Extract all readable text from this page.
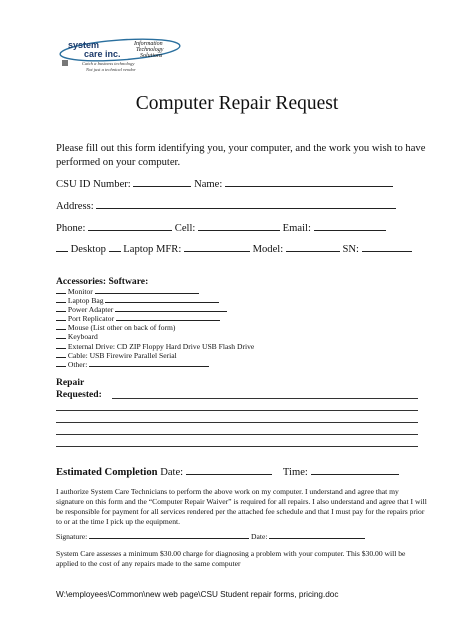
system
care inc.
Information
Technology
Solutions
Catch a business technology
Not just a technical vendor
Computer Repair Request
Please fill out this form identifying you, your computer, and the work you wish to have performed on your computer.
CSU ID Number:	Name:
Address:
Phone:	Cell:	Email:
Desktop Laptop MFR:	Model:	SN:
Accessories: Software:
Monitor
Laptop Bag
Power Adapter
Port Replicator
Mouse (List other on back of form)
Keyboard
External Drive: CD ZIP Floppy Hard Drive USB Flash Drive
Cable: USB Firewire Parallel Serial
Other:
Repair
Requested:
Estimated Completion Date:	Time:
I authorize System Care Technicians to perform the above work on my computer. I understand and agree that my signature on this form and the “Computer Repair Waiver” is required for all repairs. I also understand and agree that I will be responsible for payment for all services rendered per the attached fee schedule and that I must pay for the repairs prior to or at the time I pick up the equipment.
Signature:	Date:
System Care assesses a minimum $30.00 charge for diagnosing a problem with your computer. This $30.00 will be applied to the cost of any repairs made to the same computer
W:\employees\Common\new web page\CSU Student repair forms, pricing.doc
